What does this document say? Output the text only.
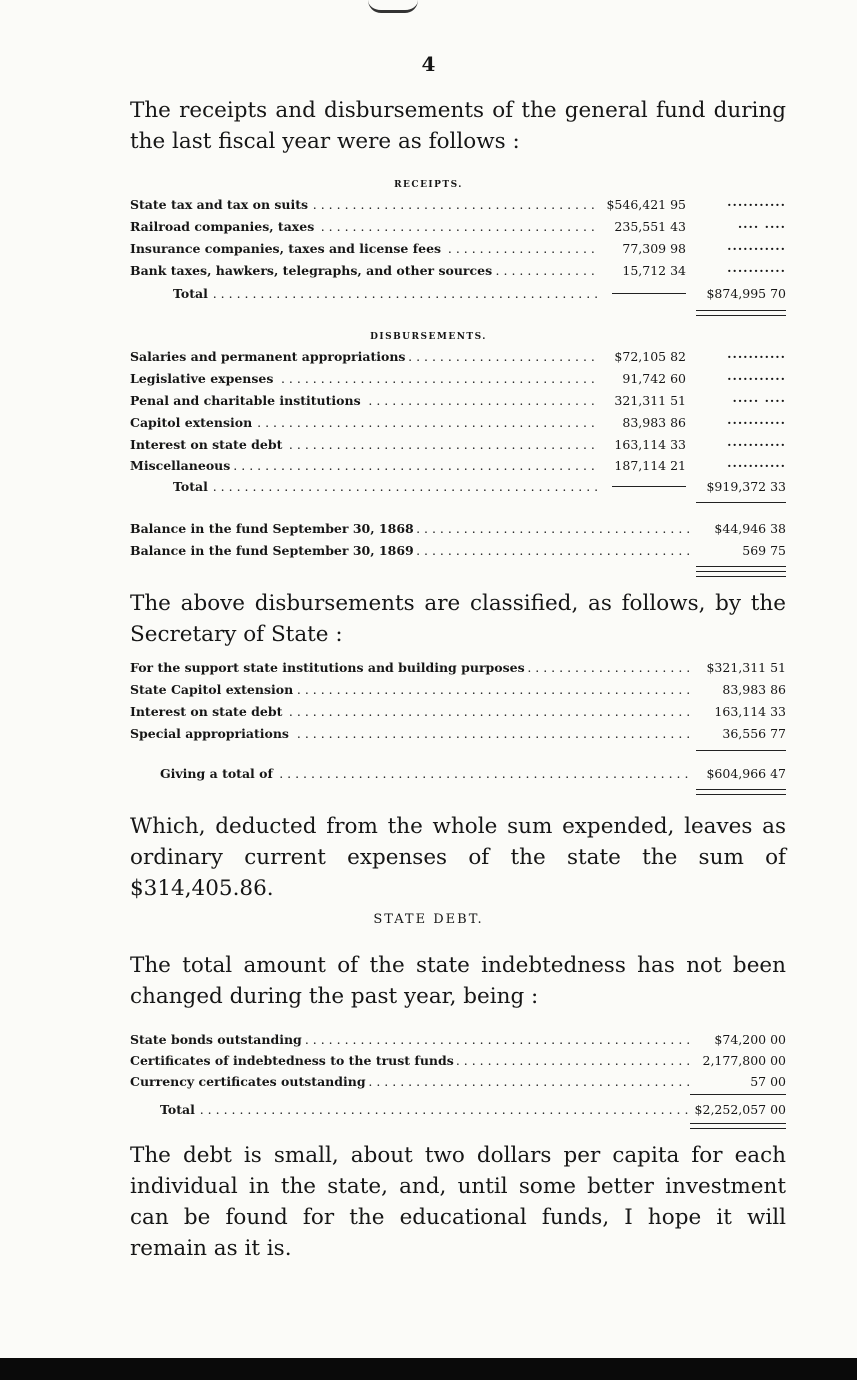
4
The receipts and disbursements of the general fund during the last fiscal year were as follows :
RECEIPTS.
State tax and tax on suits . . .	$546,421 95	...........
Railroad companies, taxes . . .	235,551 43	.... ....
Insurance companies, taxes and license fees . . .	77,309 98	...........
Bank taxes, hawkers, telegraphs, and other sources . . .	15,712 34	...........
Total . . .	$874,995 70
DISBURSEMENTS.
Salaries and permanent appropriations . . .	$72,105 82	...........
Legislative expenses . . .	91,742 60	...........
Penal and charitable institutions . . .	321,311 51	..... ....
Capitol extension . . .	83,983 86	...........
Interest on state debt . . .	163,114 33	...........
Miscellaneous . . .	187,114 21	...........
Total . . .	$919,372 33
Balance in the fund September 30, 1868 . . .	$44,946 38
Balance in the fund September 30, 1869 . . .	569 75
The above disbursements are classified, as follows, by the Secretary of State :
For the support state institutions and building purposes . . .	$321,311 51
State Capitol extension . . .	83,983 86
Interest on state debt . . .	163,114 33
Special appropriations . . .	36,556 77
Giving a total of . . .	$604,966 47
Which, deducted from the whole sum expended, leaves as ordinary current expenses of the state the sum of $314,405.86.
STATE DEBT.
The total amount of the state indebtedness has not been changed during the past year, being :
State bonds outstanding . . .	$74,200 00
Certificates of indebtedness to the trust funds . . .	2,177,800 00
Currency certificates outstanding . . .	57 00
Total . . .	$2,252,057 00
The debt is small, about two dollars per capita for each individual in the state, and, until some better investment can be found for the educational funds, I hope it will remain as it is.
